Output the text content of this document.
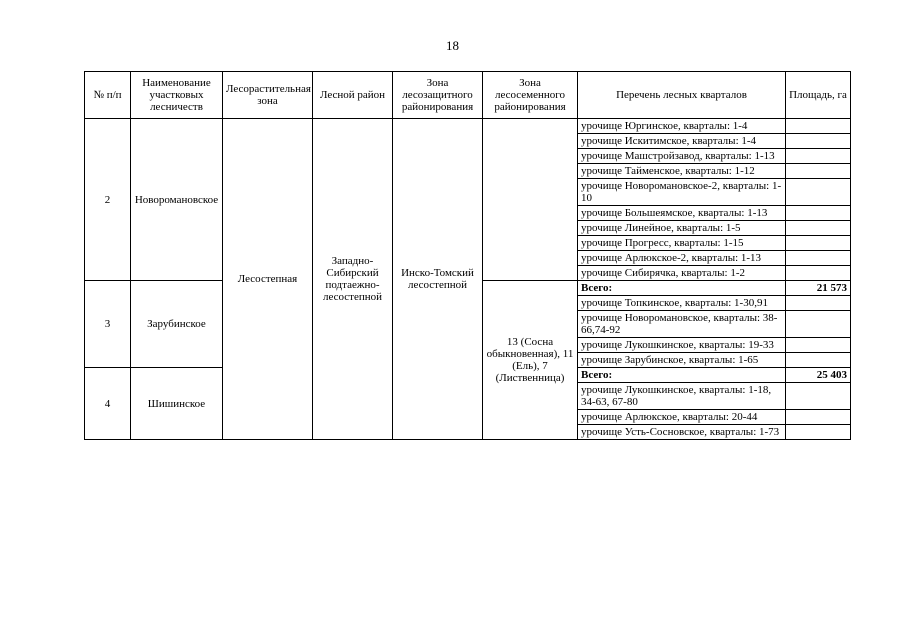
18
№ п/п	Наименование участковых лесничеств	Лесорастительная зона	Лесной район	Зона лесозащитного районирования	Зона лесосеменного районирования	Перечень лесных кварталов	Площадь, га
2	Новоромановское	Лесостепная	Западно-Сибирский подтаежно-лесостепной	Инско-Томский лесостепной		урочище Юргинское, кварталы: 1-4	
						урочище Искитимское, кварталы: 1-4	
						урочище Машстройзавод, кварталы: 1-13	
						урочище Тайменское, кварталы: 1-12	
						урочище Новоромановское-2, кварталы: 1-10	
						урочище Большеямское, кварталы: 1-13	
						урочище Линейное, кварталы: 1-5	
						урочище Прогресс, кварталы: 1-15	
						урочище Арлюкское-2, кварталы: 1-13	
						урочище Сибирячка, кварталы: 1-2	
3	Зарубинское				13 (Сосна обыкновенная), 11 (Ель), 7 (Лиственница)	Всего:	21 573
						урочище Топкинское, кварталы: 1-30,91	
						урочище Новоромановское, кварталы: 38-66,74-92	
						урочище Лукошкинское, кварталы: 19-33	
						урочище Зарубинское, кварталы: 1-65	
4	Шишинское					Всего:	25 403
						урочище Лукошкинское, кварталы: 1-18, 34-63, 67-80	
						урочище Арлюкское, кварталы: 20-44	
						урочище Усть-Сосновское, кварталы: 1-73	
